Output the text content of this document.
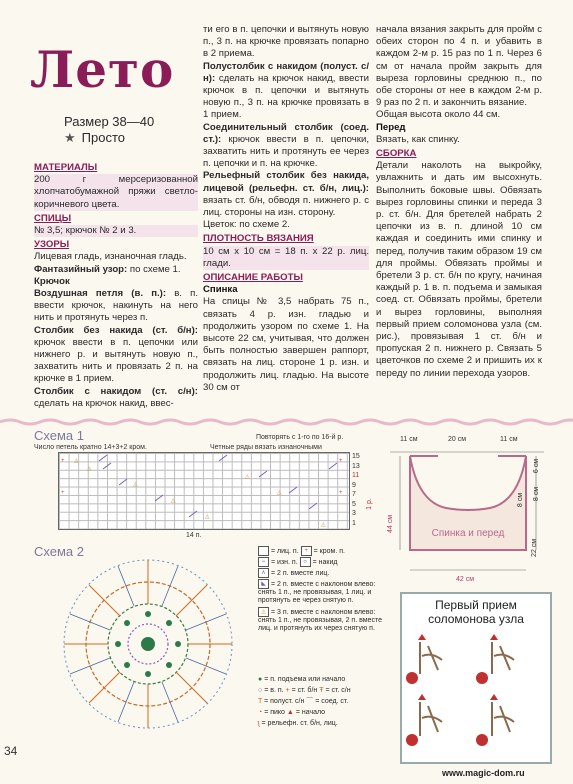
Лето
Размер 38—40
★ Просто

МАТЕРИАЛЫ

200 г мерсеризованной хлопчатобумажной пряжи светло-коричневого цвета.

СПИЦЫ

№ 3,5; крючок № 2 и 3.

УЗОРЫ

Лицевая гладь, изнаночная гладь.

Фантазийный узор: по схеме 1.

Крючок

Воздушная петля (в. п.): в. п. ввести крючок, накинуть на него нить и протянуть через п.

Столбик без накида (ст. б/н): крючок ввести в п. цепочки или нижнего р. и вытянуть новую п., захватить нить и провязать 2 п. на крючке в 1 прием.

Столбик с накидом (ст. с/н): сделать на крючок накид, ввес-

ти его в п. цепочки и вытянуть новую п., 3 п. на крючке провязать попарно в 2 приема.

Полустолбик с накидом (полуст. с/н): сделать на крючок накид, ввести крючок в п. цепочки и вытянуть новую п., 3 п. на крючке провязать в 1 прием.

Соединительный столбик (соед. ст.): крючок ввести в п. цепочки, захватить нить и протянуть ее через п. цепочки и п. на крючке.

Рельефный столбик без накида, лицевой (рельефн. ст. б/н, лиц.): вязать ст. б/н, обводя п. нижнего р. с лиц. стороны на изн. сторону.

Цветок: по схеме 2.

ПЛОТНОСТЬ ВЯЗАНИЯ

10 см х 10 см = 18 п. х 22 р. лиц. глади.

ОПИСАНИЕ РАБОТЫ

Спинка

На спицы № 3,5 набрать 75 п., связать 4 р. изн. гладью и продолжить узором по схеме 1. На высоте 22 см, учитывая, что должен быть полностью завершен раппорт, связать на лиц. стороне 1 р. изн. и продолжить лиц. гладью. На высоте 30 см от

начала вязания закрыть для пройм с обеих сторон по 4 п. и убавить в каждом 2-м р. 15 раз по 1 п. Через 6 см от начала пройм закрыть для выреза горловины среднюю п., по обе стороны от нее в каждом 2-м р. 9 раз по 2 п. и закончить вязание.

Общая высота около 44 см.

Перед

Вязать, как спинку.

СБОРКА

Детали наколоть на выкройку, увлажнить и дать им высохнуть. Выполнить боковые швы. Обвязать вырез горловины спинки и переда 3 р. ст. б/н. Для бретелей набрать 2 цепочки из в. п. длиной 10 см каждая и соединить ими спинку и перед, получив таким образом 19 см для проймы. Обвязать проймы и бретели 3 р. ст. б/н по кругу, начиная каждый р. 1 в. п. подъема и замыкая соед. ст. Обвязать проймы, бретели и вырез горловины, выполняя первый прием соломонова узла (см. рис.), провязывая 1 ст. б/н и пропуская 2 п. нижнего р. Связать 5 цветочков по схеме 2 и пришить их к переду по линии перехода узоров.

Схема 1
Число петель кратно 14+3+2 кром.
Повторять с 1-го по 16-й р.
Четные ряды вязать изнаночными
◬
◬
◬
◬
◬
◬
◬
◬
+
+
+
+
15
13
11
9
7
5
3
1
1 р.
14 п.
Схема 2	= лиц. п. + = кром. п.
− = изн. п. ○ = накид
∧ = 2 п. вместе лиц.
◣ = 2 п. вместе с наклоном влево: снять 1 п., не провязывая, 1 лиц. и протянуть ее через снятую п.
◬ = 3 п. вместе с наклоном влево: снять 1 п., не провязывая, 2 п. вместе лиц. и протянуть их через снятую п.
● = п. подъема или начало
○ = в. п. + = ст. б/н Ŧ = ст. с/н
T = полуст. с/н ⌒ = соед. ст.
◔ = пико ▲ = начало
ʅ = рельефн. ст. б/н, лиц.
11 см	20 см	11 см
44 см
6 см
8 см
8 см
22 см
Спинка и перед
42 см
Первый прием соломонова узла
1	2
3	4
34
www.magic-dom.ru
